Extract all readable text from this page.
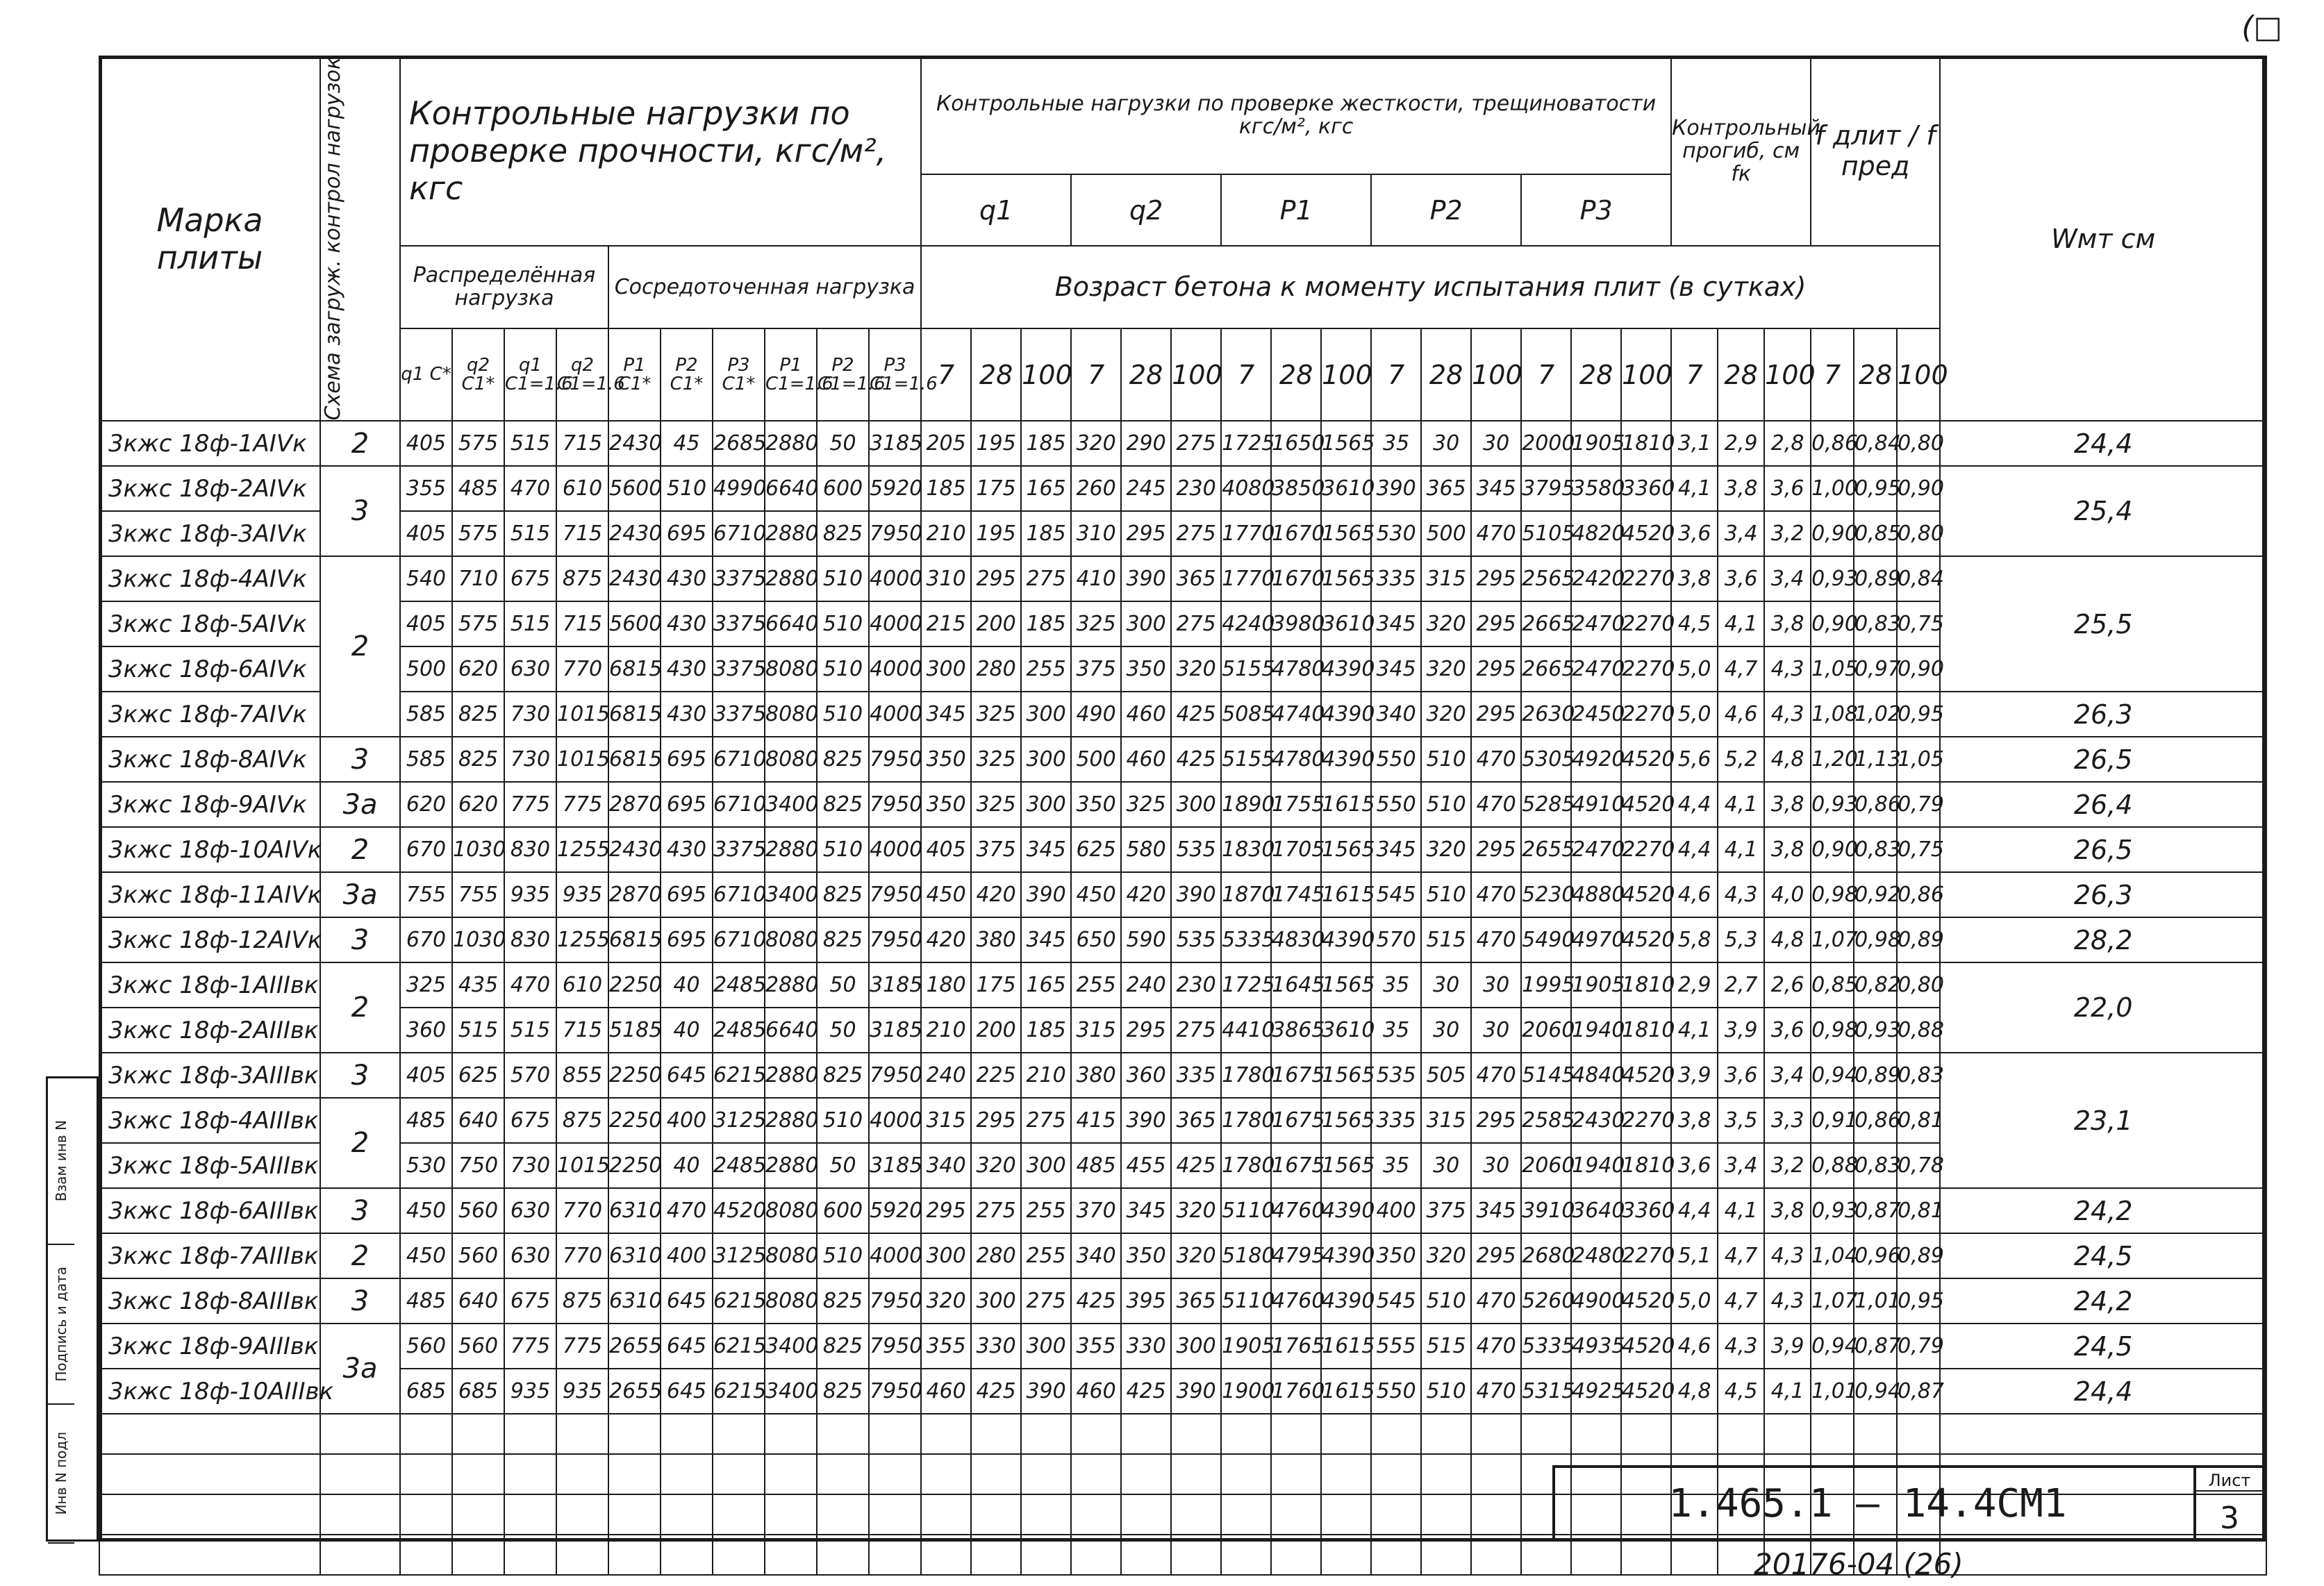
(□
Марка плиты	Схема загруж. контрол нагрузок	Контрольные нагрузки по проверке прочности, кгс/м², кгс										Контрольные нагрузки по проверке жесткости, трещиноватости кгс/м², кгс															Контрольный прогиб, см fк			f длит / f пред			Wмт см
												q1			q2			P1			P2			P3									
		Распределённая нагрузка				Сосредоточенная нагрузка						Возраст бетона к моменту испытания плит (в сутках)																					
		q1 C*	q2 C1*	q1 C1=1.6	q2 C1=1.6	P1 C1*	P2 C1*	P3 C1*	P1 C1=1.6	P2 C1=1.6	P3 C1=1.6	7	28	100	7	28	100	7	28	100	7	28	100	7	28	100	7	28	100	7	28	100	
3кжс 18ф-1АIVк	2	405	575	515	715	2430	45	2685	2880	50	3185	205	195	185	320	290	275	1725	1650	1565	35	30	30	2000	1905	1810	3,1	2,9	2,8	0,86	0,84	0,80	24,4
3кжс 18ф-2АIVк	3	355	485	470	610	5600	510	4990	6640	600	5920	185	175	165	260	245	230	4080	3850	3610	390	365	345	3795	3580	3360	4,1	3,8	3,6	1,00	0,95	0,90	25,4
3кжс 18ф-3АIVк		405	575	515	715	2430	695	6710	2880	825	7950	210	195	185	310	295	275	1770	1670	1565	530	500	470	5105	4820	4520	3,6	3,4	3,2	0,90	0,85	0,80	
3кжс 18ф-4АIVк	2	540	710	675	875	2430	430	3375	2880	510	4000	310	295	275	410	390	365	1770	1670	1565	335	315	295	2565	2420	2270	3,8	3,6	3,4	0,93	0,89	0,84	25,5
3кжс 18ф-5АIVк		405	575	515	715	5600	430	3375	6640	510	4000	215	200	185	325	300	275	4240	3980	3610	345	320	295	2665	2470	2270	4,5	4,1	3,8	0,90	0,83	0,75	
3кжс 18ф-6АIVк		500	620	630	770	6815	430	3375	8080	510	4000	300	280	255	375	350	320	5155	4780	4390	345	320	295	2665	2470	2270	5,0	4,7	4,3	1,05	0,97	0,90	
3кжс 18ф-7АIVк		585	825	730	1015	6815	430	3375	8080	510	4000	345	325	300	490	460	425	5085	4740	4390	340	320	295	2630	2450	2270	5,0	4,6	4,3	1,08	1,02	0,95	26,3
3кжс 18ф-8АIVк	3	585	825	730	1015	6815	695	6710	8080	825	7950	350	325	300	500	460	425	5155	4780	4390	550	510	470	5305	4920	4520	5,6	5,2	4,8	1,20	1,13	1,05	26,5
3кжс 18ф-9АIVк	3а	620	620	775	775	2870	695	6710	3400	825	7950	350	325	300	350	325	300	1890	1755	1615	550	510	470	5285	4910	4520	4,4	4,1	3,8	0,93	0,86	0,79	26,4
3кжс 18ф-10АIVк	2	670	1030	830	1255	2430	430	3375	2880	510	4000	405	375	345	625	580	535	1830	1705	1565	345	320	295	2655	2470	2270	4,4	4,1	3,8	0,90	0,83	0,75	26,5
3кжс 18ф-11АIVк	3а	755	755	935	935	2870	695	6710	3400	825	7950	450	420	390	450	420	390	1870	1745	1615	545	510	470	5230	4880	4520	4,6	4,3	4,0	0,98	0,92	0,86	26,3
3кжс 18ф-12АIVк	3	670	1030	830	1255	6815	695	6710	8080	825	7950	420	380	345	650	590	535	5335	4830	4390	570	515	470	5490	4970	4520	5,8	5,3	4,8	1,07	0,98	0,89	28,2
3кжс 18ф-1АIIIвк	2	325	435	470	610	2250	40	2485	2880	50	3185	180	175	165	255	240	230	1725	1645	1565	35	30	30	1995	1905	1810	2,9	2,7	2,6	0,85	0,82	0,80	22,0
3кжс 18ф-2АIIIвк		360	515	515	715	5185	40	2485	6640	50	3185	210	200	185	315	295	275	4410	3865	3610	35	30	30	2060	1940	1810	4,1	3,9	3,6	0,98	0,93	0,88	
3кжс 18ф-3АIIIвк	3	405	625	570	855	2250	645	6215	2880	825	7950	240	225	210	380	360	335	1780	1675	1565	535	505	470	5145	4840	4520	3,9	3,6	3,4	0,94	0,89	0,83	23,1
3кжс 18ф-4АIIIвк	2	485	640	675	875	2250	400	3125	2880	510	4000	315	295	275	415	390	365	1780	1675	1565	335	315	295	2585	2430	2270	3,8	3,5	3,3	0,91	0,86	0,81	
3кжс 18ф-5АIIIвк		530	750	730	1015	2250	40	2485	2880	50	3185	340	320	300	485	455	425	1780	1675	1565	35	30	30	2060	1940	1810	3,6	3,4	3,2	0,88	0,83	0,78	
3кжс 18ф-6АIIIвк	3	450	560	630	770	6310	470	4520	8080	600	5920	295	275	255	370	345	320	5110	4760	4390	400	375	345	3910	3640	3360	4,4	4,1	3,8	0,93	0,87	0,81	24,2
3кжс 18ф-7АIIIвк	2	450	560	630	770	6310	400	3125	8080	510	4000	300	280	255	340	350	320	5180	4795	4390	350	320	295	2680	2480	2270	5,1	4,7	4,3	1,04	0,96	0,89	24,5
3кжс 18ф-8АIIIвк	3	485	640	675	875	6310	645	6215	8080	825	7950	320	300	275	425	395	365	5110	4760	4390	545	510	470	5260	4900	4520	5,0	4,7	4,3	1,07	1,01	0,95	24,2
3кжс 18ф-9АIIIвк	3а	560	560	775	775	2655	645	6215	3400	825	7950	355	330	300	355	330	300	1905	1765	1615	555	515	470	5335	4935	4520	4,6	4,3	3,9	0,94	0,87	0,79	24,5
3кжс 18ф-10АIIIвк		685	685	935	935	2655	645	6215	3400	825	7950	460	425	390	460	425	390	1900	1760	1615	550	510	470	5315	4925	4520	4,8	4,5	4,1	1,01	0,94	0,87	24,4

1.465.1 — 14.4СМ1
Лист
3
20176-04 (26)
Взам инв N
Подпись и дата
Инв N подл
